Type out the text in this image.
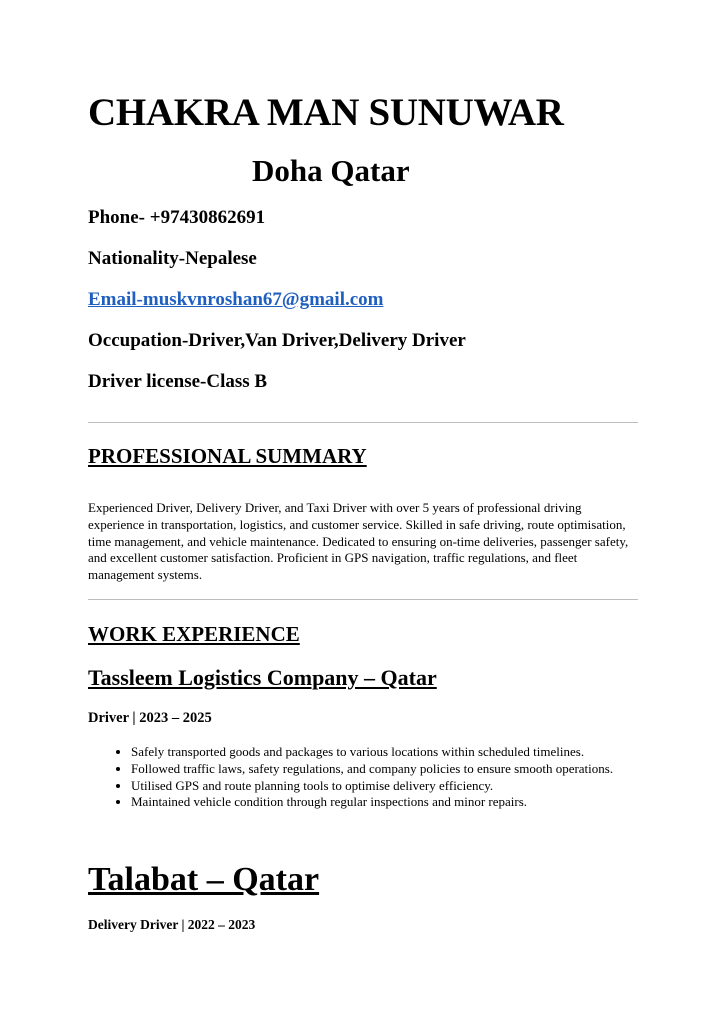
CHAKRA MAN SUNUWAR
Doha Qatar
Phone- +97430862691
Nationality-Nepalese
Email-muskvnroshan67@gmail.com
Occupation-Driver,Van Driver,Delivery Driver
Driver license-Class B
PROFESSIONAL SUMMARY

Experienced Driver, Delivery Driver, and Taxi Driver with over 5 years of professional driving experience in transportation, logistics, and customer service. Skilled in safe driving, route optimisation, time management, and vehicle maintenance. Dedicated to ensuring on-time deliveries, passenger safety, and excellent customer satisfaction. Proficient in GPS navigation, traffic regulations, and fleet management systems.

WORK EXPERIENCE
Tassleem Logistics Company – Qatar
Driver | 2023 – 2025
• Safely transported goods and packages to various locations within scheduled timelines.
• Followed traffic laws, safety regulations, and company policies to ensure smooth operations.
• Utilised GPS and route planning tools to optimise delivery efficiency.
• Maintained vehicle condition through regular inspections and minor repairs.
Talabat – Qatar
Delivery Driver | 2022 – 2023
